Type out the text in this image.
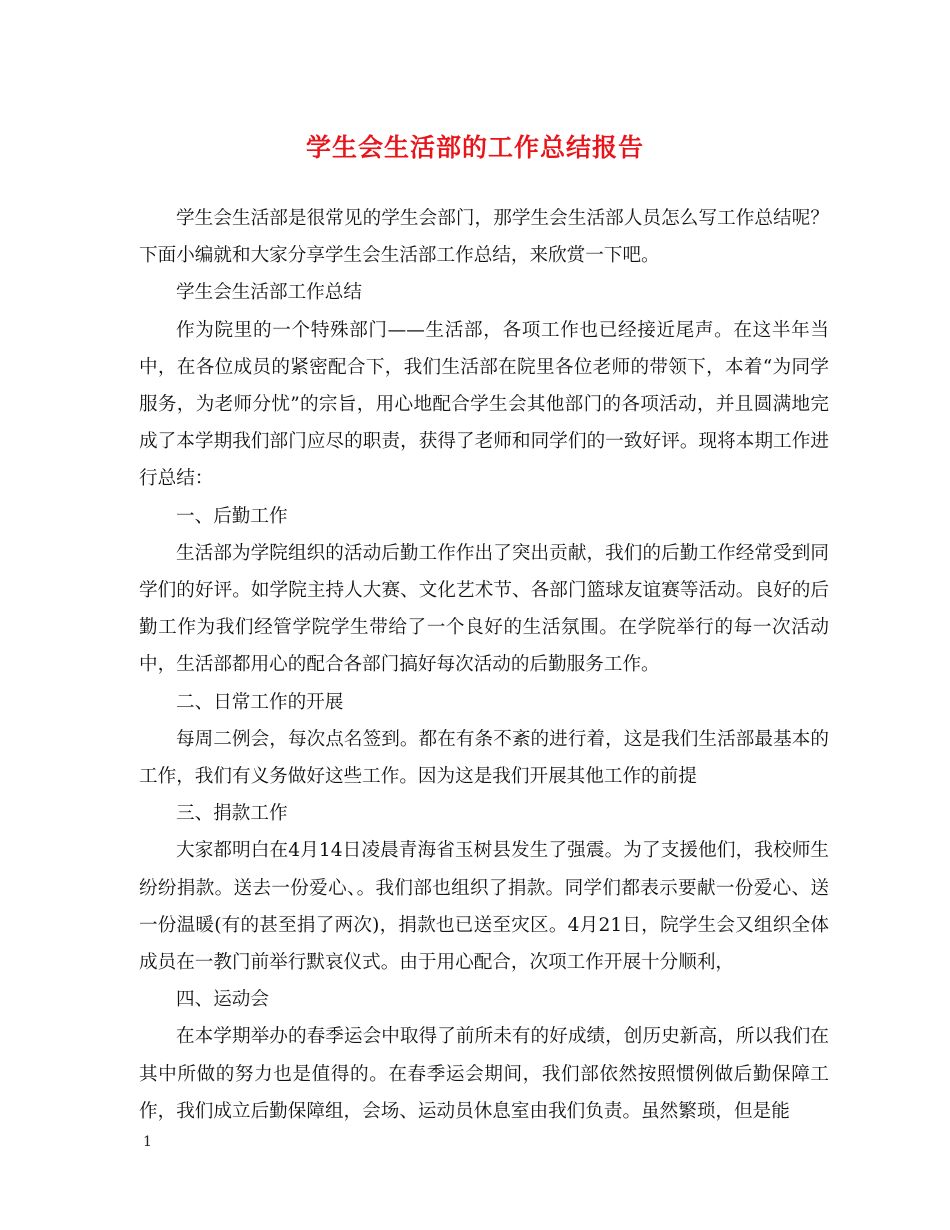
学生会生活部的工作总结报告

学生会生活部是很常见的学生会部门，那学生会生活部人员怎么写工作总结呢？下面小编就和大家分享学生会生活部工作总结，来欣赏一下吧。

学生会生活部工作总结

作为院里的一个特殊部门——生活部，各项工作也已经接近尾声。在这半年当中，在各位成员的紧密配合下，我们生活部在院里各位老师的带领下，本着“为同学服务，为老师分忧”的宗旨，用心地配合学生会其他部门的各项活动，并且圆满地完成了本学期我们部门应尽的职责，获得了老师和同学们的一致好评。现将本期工作进行总结：

一、后勤工作

生活部为学院组织的活动后勤工作作出了突出贡献，我们的后勤工作经常受到同学们的好评。如学院主持人大赛、文化艺术节、各部门篮球友谊赛等活动。良好的后勤工作为我们经管学院学生带给了一个良好的生活氛围。在学院举行的每一次活动中，生活部都用心的配合各部门搞好每次活动的后勤服务工作。

二、日常工作的开展

每周二例会，每次点名签到。都在有条不紊的进行着，这是我们生活部最基本的工作，我们有义务做好这些工作。因为这是我们开展其他工作的前提

三、捐款工作

大家都明白在4月14日凌晨青海省玉树县发生了强震。为了支援他们，我校师生纷纷捐款。送去一份爱心、。我们部也组织了捐款。同学们都表示要献一份爱心、送一份温暖(有的甚至捐了两次)，捐款也已送至灾区。4月21日，院学生会又组织全体成员在一教门前举行默哀仪式。由于用心配合，次项工作开展十分顺利，

四、运动会

在本学期举办的春季运会中取得了前所未有的好成绩，创历史新高，所以我们在其中所做的努力也是值得的。在春季运会期间，我们部依然按照惯例做后勤保障工作，我们成立后勤保障组，会场、运动员休息室由我们负责。虽然繁琐，但是能

1
